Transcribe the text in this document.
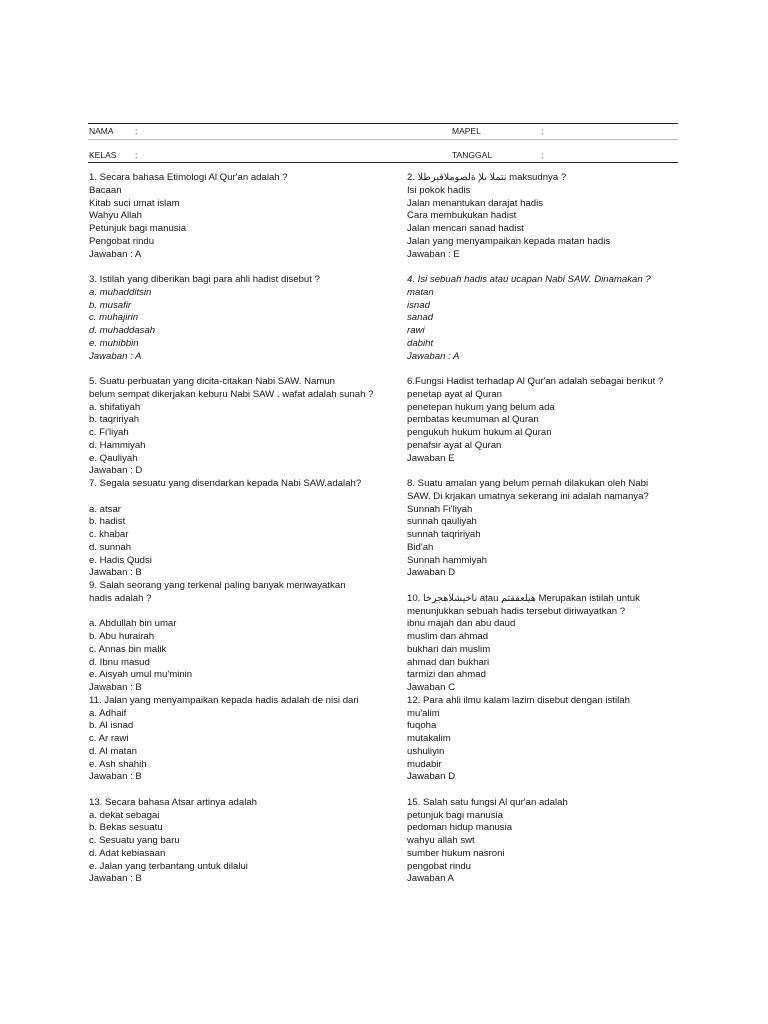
NAMA	:	MAPEL	:
KELAS :	TANGGAL	:
1. Secara bahasa Etimologi Al Qur'an adalah ?
Bacaan
Kitab suci umat islam
Wahyu Allah
Petunjuk bagi manusia
Pengobat rindu
Jawaban : A
3. Istilah yang diberikan bagi para ahli hadist disebut ?
a. muhadditsin
b. musafir
c. muhajirin
d. muhaddasah
e. muhibbin
Jawaban : A
5. Suatu perbuatan yang dicita-citakan Nabi SAW. Namun
belum sempat dikerjakan keburu Nabi SAW . wafat adalah sunah ?
a. shifatiyah
b. taqririyah
c. Fi'liyah
d. Hammiyah
e. Qauliyah
Jawaban : D
7. Segala sesuatu yang disendarkan kepada Nabi SAW.adalah?
a. atsar
b. hadist
c. khabar
d. sunnah
e. Hadis Qudsi
Jawaban : B
9. Salah seorang yang terkenal paling banyak meriwayatkan
hadis adalah ?
a. Abdullah bin umar
b. Abu hurairah
c. Annas bin malik
d. Ibnu masud
e. Aisyah umul mu'minin
Jawaban : B
11. Jalan yang menyampaikan kepada hadis adalah de nisi dari
a. Adhaif
b. Al isnad
c. Ar rawi
d. Al matan
e. Ash shahih
Jawaban : B
13. Secara bahasa Atsar artinya adalah
a. dekat sebagai
b. Bekas sesuatu
c. Sesuatu yang baru
d. Adat kebiasaan
e. Jalan yang terbantang untuk dilalui
Jawaban : B
2. نتملا ىلإ ةلصوملاقيرطلا maksudnya ?
Isi pokok hadis
Jalan menantukan darajat hadis
Cara membukukan hadist
Jalan mencari sanad hadist
Jalan yang menyampaikan kepada matan hadis
Jawaban : E
4. Isi sebuah hadis atau ucapan Nabi SAW. Dinamakan ?
matan
isnad
sanad
rawi
dabiht
Jawaban : A
6.Fungsi Hadist terhadap Al Qur'an adalah sebagai berikut ?
penetap ayat al Quran
penetepan hukum yang belum ada
pembatas keumuman al Quran
pengukuh hukum hukum al Quran
penafsir ayat al Quran
Jawaban E
8. Suatu amalan yang belum pernah dilakukan oleh Nabi
SAW. Di krjakan umatnya sekerang ini adalah namanya?
Sunnah Fi'liyah
sunnah qauliyah
sunnah taqririyah
Bid'ah
Sunnah hammiyah
Jawaban D
10. ناخيشلاهجرخا atau هيلعقفتم Merupakan istilah untuk
menunjukkan sebuah hadis tersebut diriwayatkan ?
ibnu majah dan abu daud
muslim dan ahmad
bukhari dan muslim
ahmad dan bukhari
tarmizi dan ahmad
Jawaban C
12. Para ahli ilmu kalam lazim disebut dengan istilah
mu'alim
fuqoha
mutakalim
ushuliyin
mudabir
Jawaban D
15. Salah satu fungsi Al qur'an adalah
petunjuk bagi manusia
pedoman hidup manusia
wahyu allah swt
sumber hukum nasroni
pengobat rindu
Jawaban A
